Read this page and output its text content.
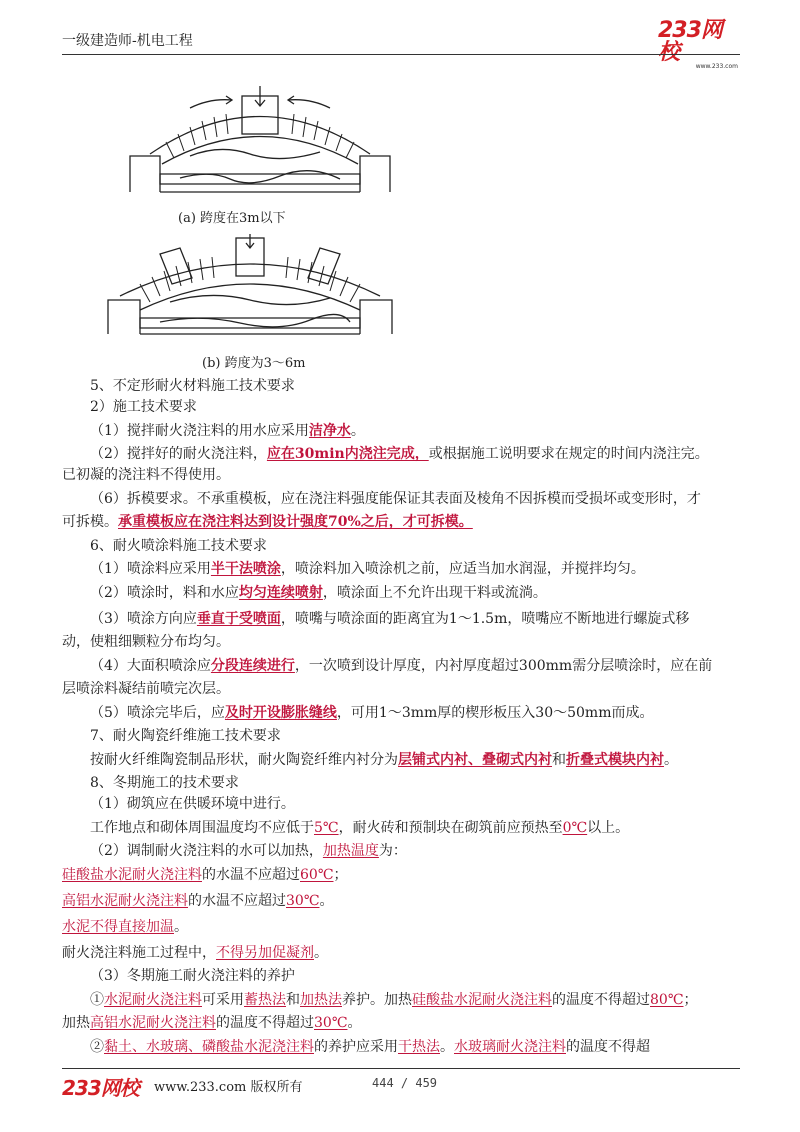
一级建造师-机电工程	233网校
www.233.com
(a) 跨度在3m以下
(b) 跨度为3～6m

5、不定形耐火材料施工技术要求

2）施工技术要求

（1）搅拌耐火浇注料的用水应采用洁净水。

（2）搅拌好的耐火浇注料，应在30min内浇注完成，或根据施工说明要求在规定的时间内浇注完。

已初凝的浇注料不得使用。

（6）拆模要求。不承重模板，应在浇注料强度能保证其表面及棱角不因拆模而受损坏或变形时，才

可拆模。承重模板应在浇注料达到设计强度70%之后，才可拆模。

6、耐火喷涂料施工技术要求

（1）喷涂料应采用半干法喷涂，喷涂料加入喷涂机之前，应适当加水润湿，并搅拌均匀。

（2）喷涂时，料和水应均匀连续喷射，喷涂面上不允许出现干料或流淌。

（3）喷涂方向应垂直于受喷面，喷嘴与喷涂面的距离宜为1～1.5m，喷嘴应不断地进行螺旋式移

动，使粗细颗粒分布均匀。

（4）大面积喷涂应分段连续进行，一次喷到设计厚度，内衬厚度超过300mm需分层喷涂时，应在前

层喷涂料凝结前喷完次层。

（5）喷涂完毕后，应及时开设膨胀缝线，可用1～3mm厚的楔形板压入30～50mm而成。

7、耐火陶瓷纤维施工技术要求

按耐火纤维陶瓷制品形状，耐火陶瓷纤维内衬分为层铺式内衬、叠砌式内衬和折叠式模块内衬。

8、冬期施工的技术要求

（1）砌筑应在供暖环境中进行。

工作地点和砌体周围温度均不应低于5℃，耐火砖和预制块在砌筑前应预热至0℃以上。

（2）调制耐火浇注料的水可以加热，加热温度为：

硅酸盐水泥耐火浇注料的水温不应超过60℃；

高铝水泥耐火浇注料的水温不应超过30℃。

水泥不得直接加温。

耐火浇注料施工过程中，不得另加促凝剂。

（3）冬期施工耐火浇注料的养护

①水泥耐火浇注料可采用蓄热法和加热法养护。加热硅酸盐水泥耐火浇注料的温度不得超过80℃；

加热高铝水泥耐火浇注料的温度不得超过30℃。

②黏土、水玻璃、磷酸盐水泥浇注料的养护应采用干热法。水玻璃耐火浇注料的温度不得超

233网校 www.233.com 版权所有	444 / 459
